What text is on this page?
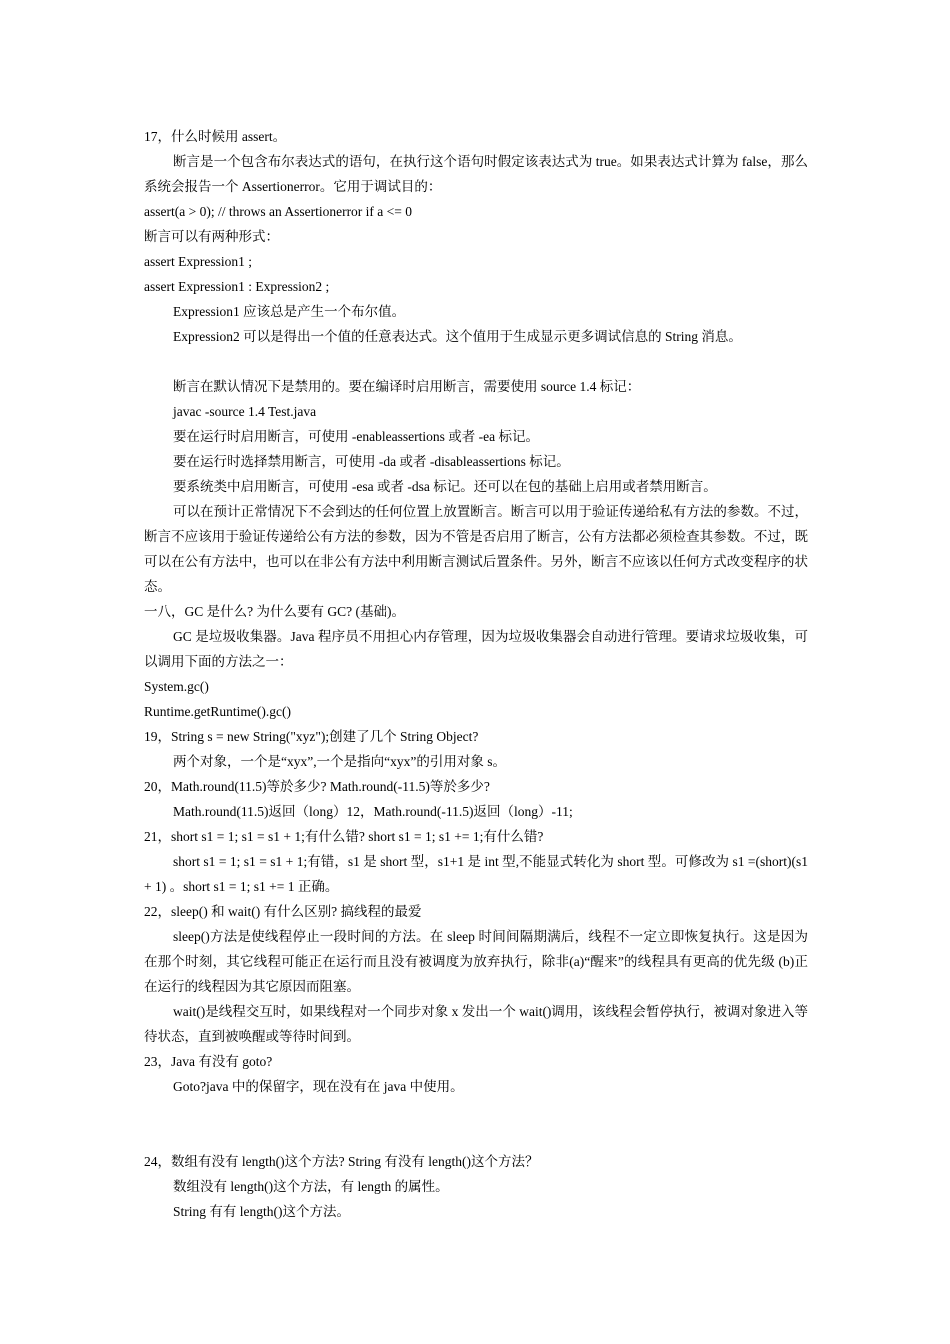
17，什么时候用 assert。
断言是一个包含布尔表达式的语句，在执行这个语句时假定该表达式为 true。如果表达式计算为 false，那么系统会报告一个 Assertionerror。它用于调试目的：
assert(a > 0); // throws an Assertionerror if a <= 0
断言可以有两种形式：
assert Expression1 ;
assert Expression1 : Expression2 ;
Expression1 应该总是产生一个布尔值。
Expression2 可以是得出一个值的任意表达式。这个值用于生成显示更多调试信息的 String 消息。
断言在默认情况下是禁用的。要在编译时启用断言，需要使用 source 1.4 标记：
javac -source 1.4 Test.java
要在运行时启用断言，可使用 -enableassertions 或者 -ea 标记。
要在运行时选择禁用断言，可使用 -da 或者 -disableassertions 标记。
要系统类中启用断言，可使用 -esa 或者 -dsa 标记。还可以在包的基础上启用或者禁用断言。
可以在预计正常情况下不会到达的任何位置上放置断言。断言可以用于验证传递给私有方法的参数。不过，断言不应该用于验证传递给公有方法的参数，因为不管是否启用了断言，公有方法都必须检查其参数。不过，既可以在公有方法中，也可以在非公有方法中利用断言测试后置条件。另外，断言不应该以任何方式改变程序的状态。
一八，GC 是什么? 为什么要有 GC? (基础)。
GC 是垃圾收集器。Java 程序员不用担心内存管理，因为垃圾收集器会自动进行管理。要请求垃圾收集，可以调用下面的方法之一：
System.gc()
Runtime.getRuntime().gc()
19，String s = new String("xyz");创建了几个 String Object?
两个对象，一个是“xyx”,一个是指向“xyx”的引用对象 s。
20，Math.round(11.5)等於多少? Math.round(-11.5)等於多少?
Math.round(11.5)返回（long）12，Math.round(-11.5)返回（long）-11;
21，short s1 = 1; s1 = s1 + 1;有什么错? short s1 = 1; s1 += 1;有什么错?
short s1 = 1; s1 = s1 + 1;有错，s1 是 short 型，s1+1 是 int 型,不能显式转化为 short 型。可修改为 s1 =(short)(s1 + 1) 。short s1 = 1; s1 += 1 正确。
22，sleep() 和 wait() 有什么区别? 搞线程的最爱
sleep()方法是使线程停止一段时间的方法。在 sleep 时间间隔期满后，线程不一定立即恢复执行。这是因为在那个时刻，其它线程可能正在运行而且没有被调度为放弃执行，除非(a)“醒来”的线程具有更高的优先级 (b)正在运行的线程因为其它原因而阻塞。
wait()是线程交互时，如果线程对一个同步对象 x 发出一个 wait()调用，该线程会暂停执行，被调对象进入等待状态，直到被唤醒或等待时间到。
23，Java 有没有 goto?
Goto?java 中的保留字，现在没有在 java 中使用。
24，数组有没有 length()这个方法? String 有没有 length()这个方法？
数组没有 length()这个方法，有 length 的属性。
String 有有 length()这个方法。
